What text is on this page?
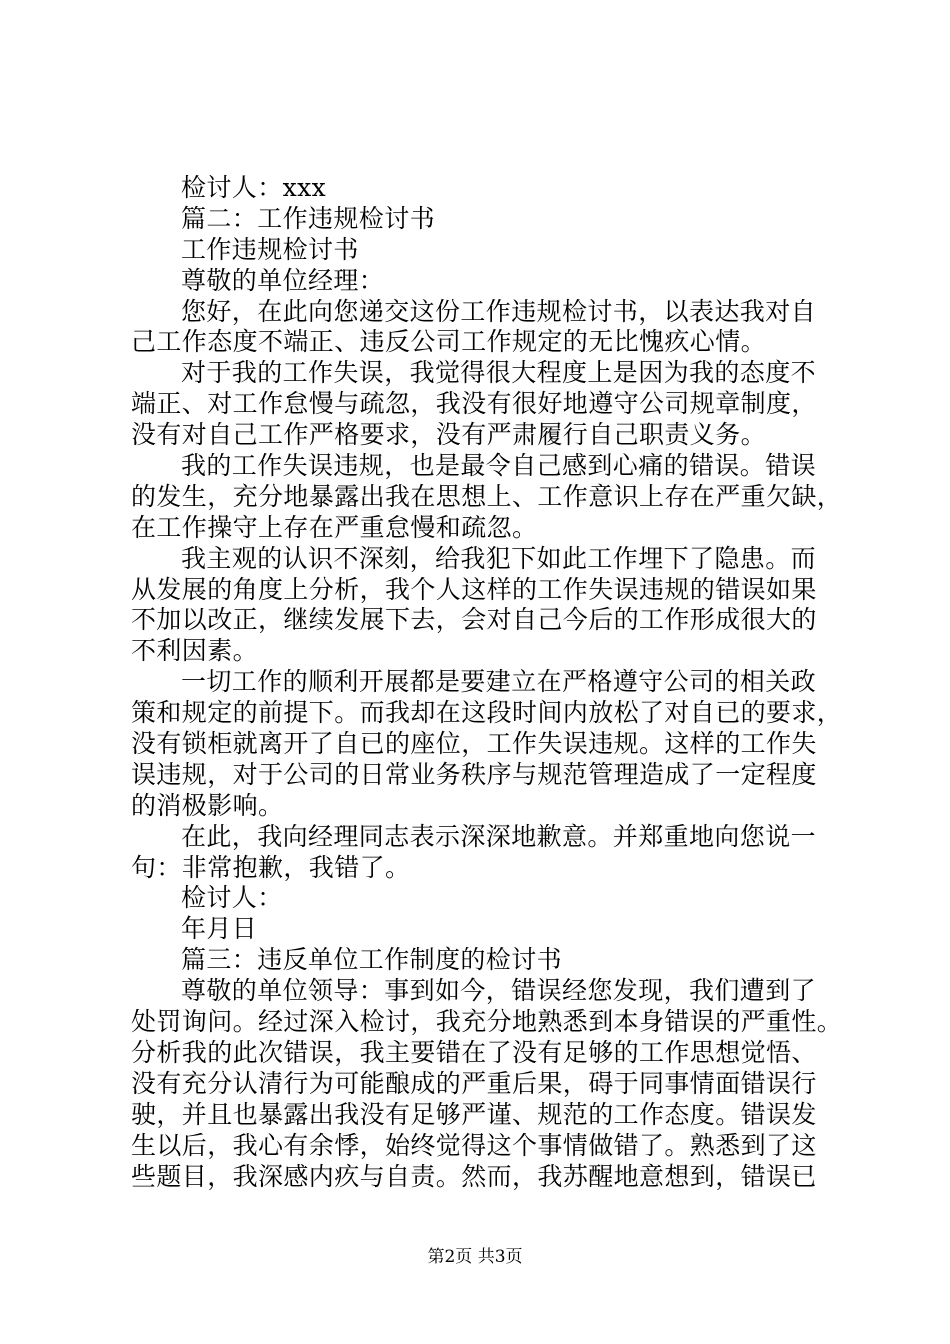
检讨人：xxx
篇二：工作违规检讨书
工作违规检讨书
尊敬的单位经理：
您好，在此向您递交这份工作违规检讨书，以表达我对自
己工作态度不端正、违反公司工作规定的无比愧疚心情。
对于我的工作失误，我觉得很大程度上是因为我的态度不
端正、对工作怠慢与疏忽，我没有很好地遵守公司规章制度，
没有对自己工作严格要求，没有严肃履行自己职责义务。
我的工作失误违规，也是最令自己感到心痛的错误。错误
的发生，充分地暴露出我在思想上、工作意识上存在严重欠缺，
在工作操守上存在严重怠慢和疏忽。
我主观的认识不深刻，给我犯下如此工作埋下了隐患。而
从发展的角度上分析，我个人这样的工作失误违规的错误如果
不加以改正，继续发展下去，会对自己今后的工作形成很大的
不利因素。
一切工作的顺利开展都是要建立在严格遵守公司的相关政
策和规定的前提下。而我却在这段时间内放松了对自已的要求，
没有锁柜就离开了自已的座位，工作失误违规。这样的工作失
误违规，对于公司的日常业务秩序与规范管理造成了一定程度
的消极影响。
在此，我向经理同志表示深深地歉意。并郑重地向您说一
句：非常抱歉，我错了。
检讨人：
年月日
篇三：违反单位工作制度的检讨书
尊敬的单位领导：事到如今，错误经您发现，我们遭到了
处罚询问。经过深入检讨，我充分地熟悉到本身错误的严重性。
分析我的此次错误，我主要错在了没有足够的工作思想觉悟、
没有充分认清行为可能酿成的严重后果，碍于同事情面错误行
驶，并且也暴露出我没有足够严谨、规范的工作态度。错误发
生以后，我心有余悸，始终觉得这个事情做错了。熟悉到了这
些题目，我深感内疚与自责。然而，我苏醒地意想到，错误已
第2页 共3页
